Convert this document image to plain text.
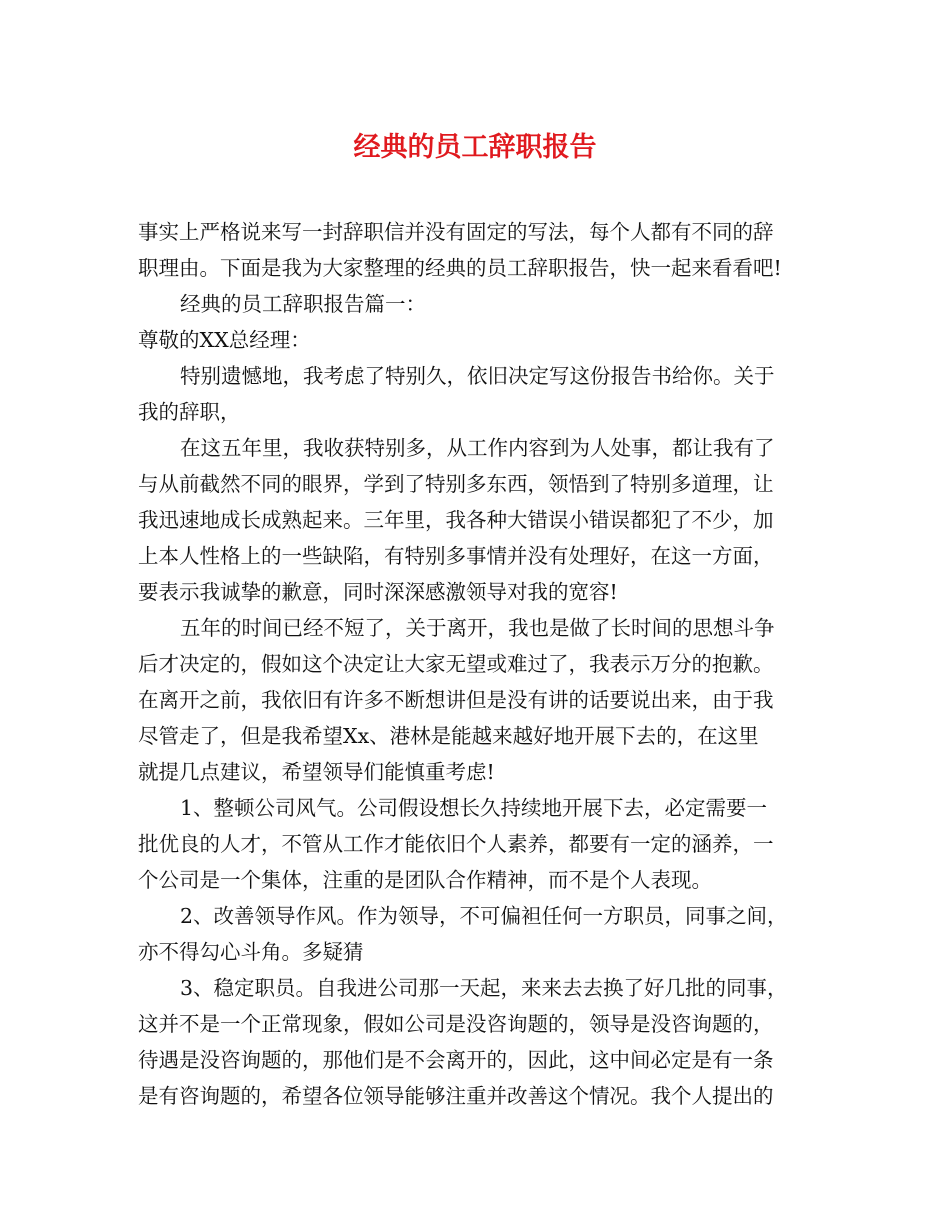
经典的员工辞职报告
事实上严格说来写一封辞职信并没有固定的写法，每个人都有不同的辞
职理由。下面是我为大家整理的经典的员工辞职报告，快一起来看看吧!
经典的员工辞职报告篇一：
尊敬的XX总经理：
特别遗憾地，我考虑了特别久，依旧决定写这份报告书给你。关于
我的辞职，
在这五年里，我收获特别多，从工作内容到为人处事，都让我有了
与从前截然不同的眼界，学到了特别多东西，领悟到了特别多道理，让
我迅速地成长成熟起来。三年里，我各种大错误小错误都犯了不少，加
上本人性格上的一些缺陷，有特别多事情并没有处理好，在这一方面，
要表示我诚挚的歉意，同时深深感激领导对我的宽容!
五年的时间已经不短了，关于离开，我也是做了长时间的思想斗争
后才决定的，假如这个决定让大家无望或难过了，我表示万分的抱歉。
在离开之前，我依旧有许多不断想讲但是没有讲的话要说出来，由于我
尽管走了，但是我希望Xx、港林是能越来越好地开展下去的，在这里
就提几点建议，希望领导们能慎重考虑!
1、整顿公司风气。公司假设想长久持续地开展下去，必定需要一
批优良的人才，不管从工作才能依旧个人素养，都要有一定的涵养，一
个公司是一个集体，注重的是团队合作精神，而不是个人表现。
2、改善领导作风。作为领导，不可偏袒任何一方职员，同事之间，
亦不得勾心斗角。多疑猜
3、稳定职员。自我进公司那一天起，来来去去换了好几批的同事，
这并不是一个正常现象，假如公司是没咨询题的，领导是没咨询题的，
待遇是没咨询题的，那他们是不会离开的，因此，这中间必定是有一条
是有咨询题的，希望各位领导能够注重并改善这个情况。我个人提出的
